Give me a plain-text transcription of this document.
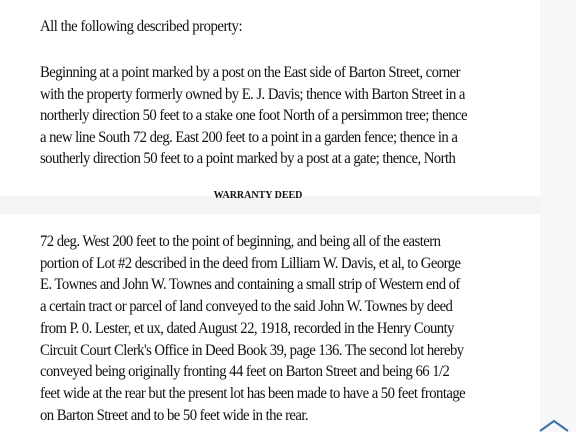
All the following described property:

Beginning at a point marked by a post on the East side of Barton Street, corner
with the property formerly owned by E. J. Davis; thence with Barton Street in a
northerly direction 50 feet to a stake one foot North of a persimmon tree; thence
a new line South 72 deg. East 200 feet to a point in a garden fence; thence in a
southerly direction 50 feet to a point marked by a post at a gate; thence, North

WARRANTY DEED

72 deg. West 200 feet to the point of beginning, and being all of the eastern
portion of Lot #2 described in the deed from Lilliam W. Davis, et al, to George
E. Townes and John W. Townes and containing a small strip of Western end of
a certain tract or parcel of land conveyed to the said John W. Townes by deed
from P. 0. Lester, et ux, dated August 22, 1918, recorded in the Henry County
Circuit Court Clerk's Office in Deed Book 39, page 136. The second lot hereby
conveyed being originally fronting 44 feet on Barton Street and being 66 1/2
feet wide at the rear but the present lot has been made to have a 50 feet frontage
on Barton Street and to be 50 feet wide in the rear.
